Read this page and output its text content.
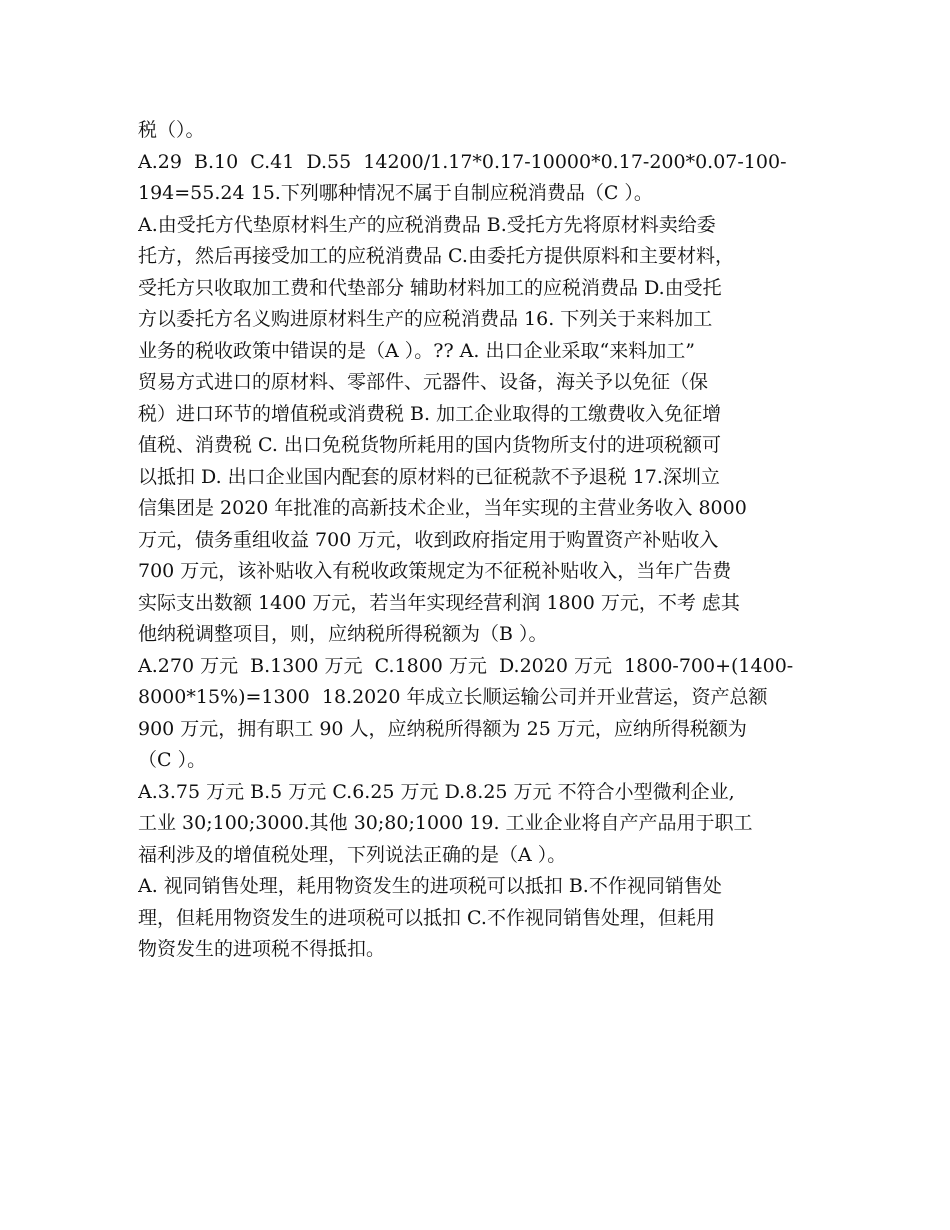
税（）。
A.29  B.10  C.41  D.55  14200/1.17*0.17-10000*0.17-200*0.07-100-
194=55.24 15.下列哪种情况不属于自制应税消费品（C ）。
A.由受托方代垫原材料生产的应税消费品 B.受托方先将原材料卖给委
托方，然后再接受加工的应税消费品 C.由委托方提供原料和主要材料，
受托方只收取加工费和代垫部分 辅助材料加工的应税消费品 D.由受托
方以委托方名义购进原材料生产的应税消费品 16. 下列关于来料加工
业务的税收政策中错误的是（A ）。?? A. 出口企业采取“来料加工”
贸易方式进口的原材料、零部件、元器件、设备，海关予以免征（保
税）进口环节的增值税或消费税 B. 加工企业取得的工缴费收入免征增
值税、消费税 C. 出口免税货物所耗用的国内货物所支付的进项税额可
以抵扣 D. 出口企业国内配套的原材料的已征税款不予退税 17.深圳立
信集团是 2020 年批准的高新技术企业，当年实现的主营业务收入 8000
万元，债务重组收益 700 万元，收到政府指定用于购置资产补贴收入
700 万元，该补贴收入有税收政策规定为不征税补贴收入，当年广告费
实际支出数额 1400 万元，若当年实现经营利润 1800 万元，不考 虑其
他纳税调整项目，则，应纳税所得税额为（B ）。
A.270 万元  B.1300 万元  C.1800 万元  D.2020 万元  1800-700+(1400-
8000*15%)=1300  18.2020 年成立长顺运输公司并开业营运，资产总额
900 万元，拥有职工 90 人，应纳税所得额为 25 万元，应纳所得税额为
（C ）。
A.3.75 万元 B.5 万元 C.6.25 万元 D.8.25 万元 不符合小型微利企业,
工业 30;100;3000.其他 30;80;1000 19. 工业企业将自产产品用于职工
福利涉及的增值税处理，下列说法正确的是（A ）。
A. 视同销售处理，耗用物资发生的进项税可以抵扣 B.不作视同销售处
理，但耗用物资发生的进项税可以抵扣 C.不作视同销售处理，但耗用
物资发生的进项税不得抵扣。
